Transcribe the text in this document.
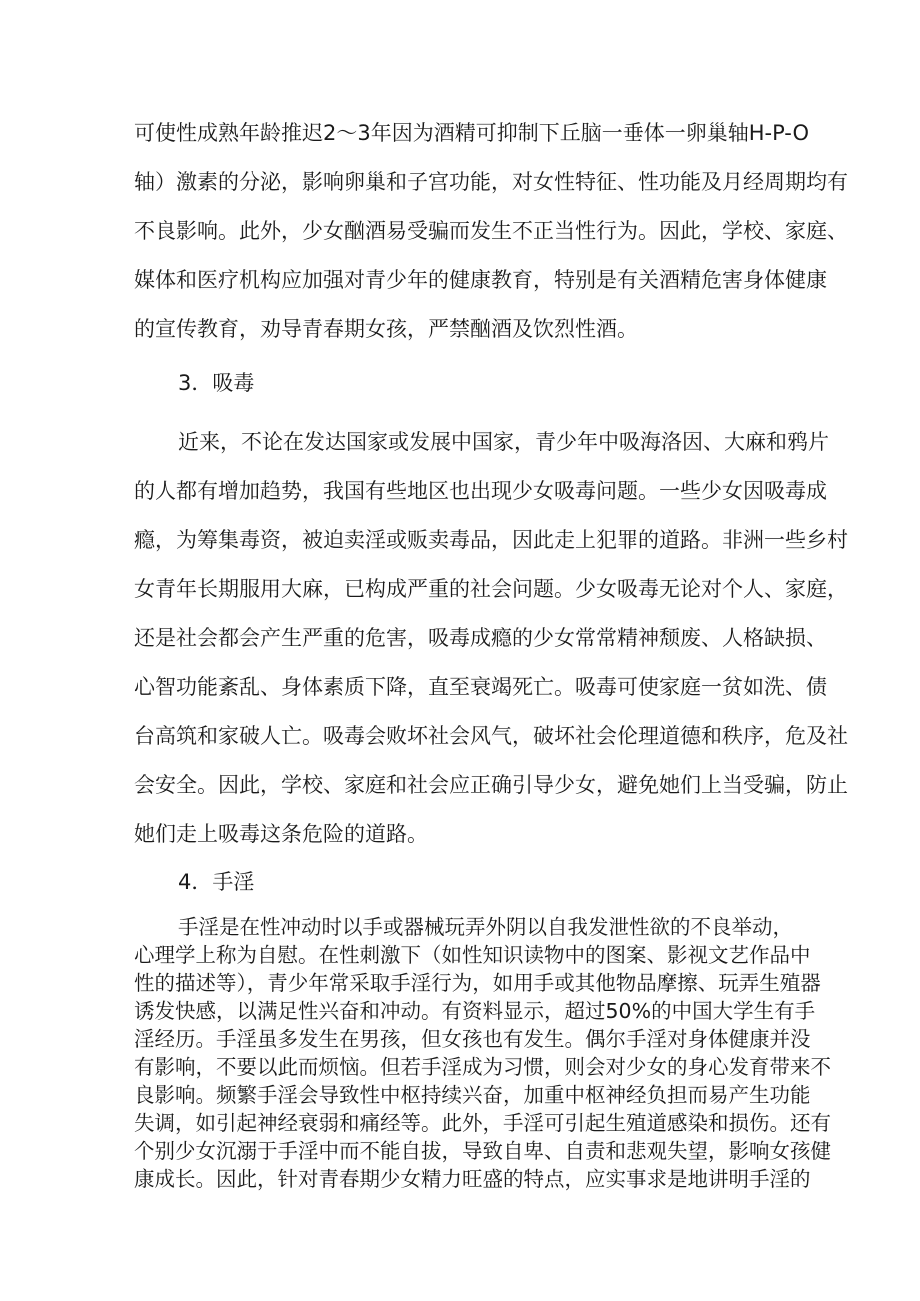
可使性成熟年龄推迟2～3年因为酒精可抑制下丘脑一垂体一卵巢轴H-P-O
轴）激素的分泌，影响卵巢和子宫功能，对女性特征、性功能及月经周期均有
不良影响。此外，少女酗酒易受骗而发生不正当性行为。因此，学校、家庭、
媒体和医疗机构应加强对青少年的健康教育，特别是有关酒精危害身体健康
的宣传教育，劝导青春期女孩，严禁酗酒及饮烈性酒。
3．吸毒
近来，不论在发达国家或发展中国家，青少年中吸海洛因、大麻和鸦片
的人都有增加趋势，我国有些地区也出现少女吸毒问题。一些少女因吸毒成
瘾，为筹集毒资，被迫卖淫或贩卖毒品，因此走上犯罪的道路。非洲一些乡村
女青年长期服用大麻，已构成严重的社会问题。少女吸毒无论对个人、家庭，
还是社会都会产生严重的危害，吸毒成瘾的少女常常精神颓废、人格缺损、
心智功能紊乱、身体素质下降，直至衰竭死亡。吸毒可使家庭一贫如洗、债
台高筑和家破人亡。吸毒会败坏社会风气，破坏社会伦理道德和秩序，危及社
会安全。因此，学校、家庭和社会应正确引导少女，避免她们上当受骗，防止
她们走上吸毒这条危险的道路。
4．手淫
手淫是在性冲动时以手或器械玩弄外阴以自我发泄性欲的不良举动，
心理学上称为自慰。在性刺激下（如性知识读物中的图案、影视文艺作品中
性的描述等），青少年常采取手淫行为，如用手或其他物品摩擦、玩弄生殖器
诱发快感，以满足性兴奋和冲动。有资料显示，超过50%的中国大学生有手
淫经历。手淫虽多发生在男孩，但女孩也有发生。偶尔手淫对身体健康并没
有影响，不要以此而烦恼。但若手淫成为习惯，则会对少女的身心发育带来不
良影响。频繁手淫会导致性中枢持续兴奋，加重中枢神经负担而易产生功能
失调，如引起神经衰弱和痛经等。此外，手淫可引起生殖道感染和损伤。还有
个别少女沉溺于手淫中而不能自拔，导致自卑、自责和悲观失望，影响女孩健
康成长。因此，针对青春期少女精力旺盛的特点，应实事求是地讲明手淫的
